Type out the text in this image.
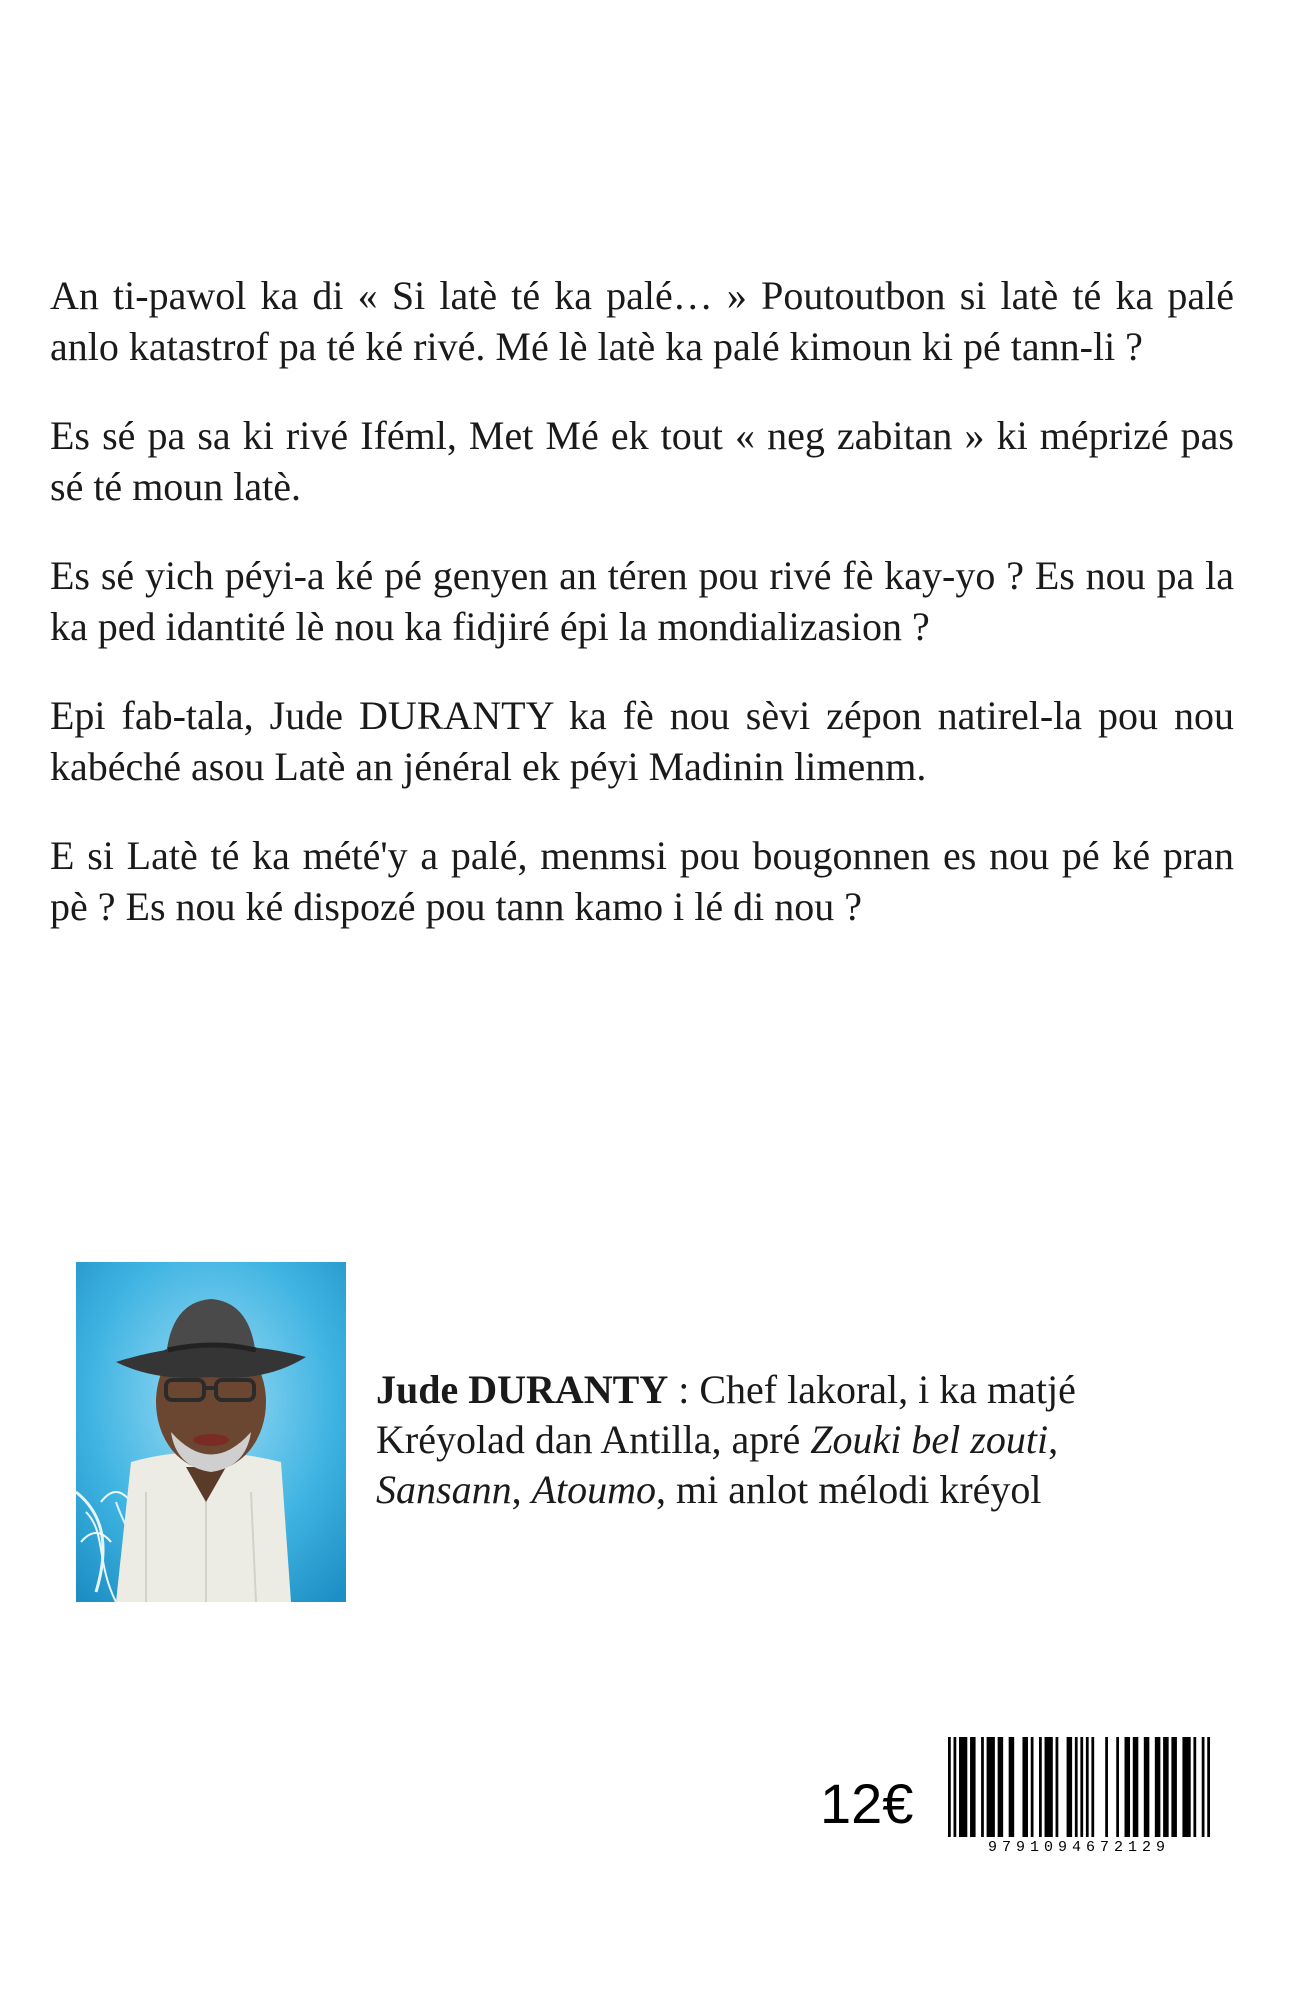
An ti-pawol ka di « Si latè té ka palé… » Poutoutbon si latè té ka palé anlo katastrof pa té ké rivé. Mé lè latè ka palé kimoun ki pé tann-li ?

Es sé pa sa ki rivé Iféml, Met Mé ek tout « neg zabitan » ki méprizé pas sé té moun latè.

Es sé yich péyi-a ké pé genyen an téren pou rivé fè kay-yo ? Es nou pa la ka ped idantité lè nou ka fidjiré épi la mondializasion ?

Epi fab-tala, Jude DURANTY ka fè nou sèvi zépon natirel-la pou nou kabéché asou Latè an jénéral ek péyi Madinin limenm.

E si Latè té ka mété'y a palé, menmsi pou bougonnen es nou pé ké pran pè ? Es nou ké dispozé pou tann kamo i lé di nou ?

Jude DURANTY : Chef lakoral, i ka matjé Kréyolad dan Antilla, apré Zouki bel zouti, Sansann, Atoumo, mi anlot mélodi kréyol
12€
9791094672129
